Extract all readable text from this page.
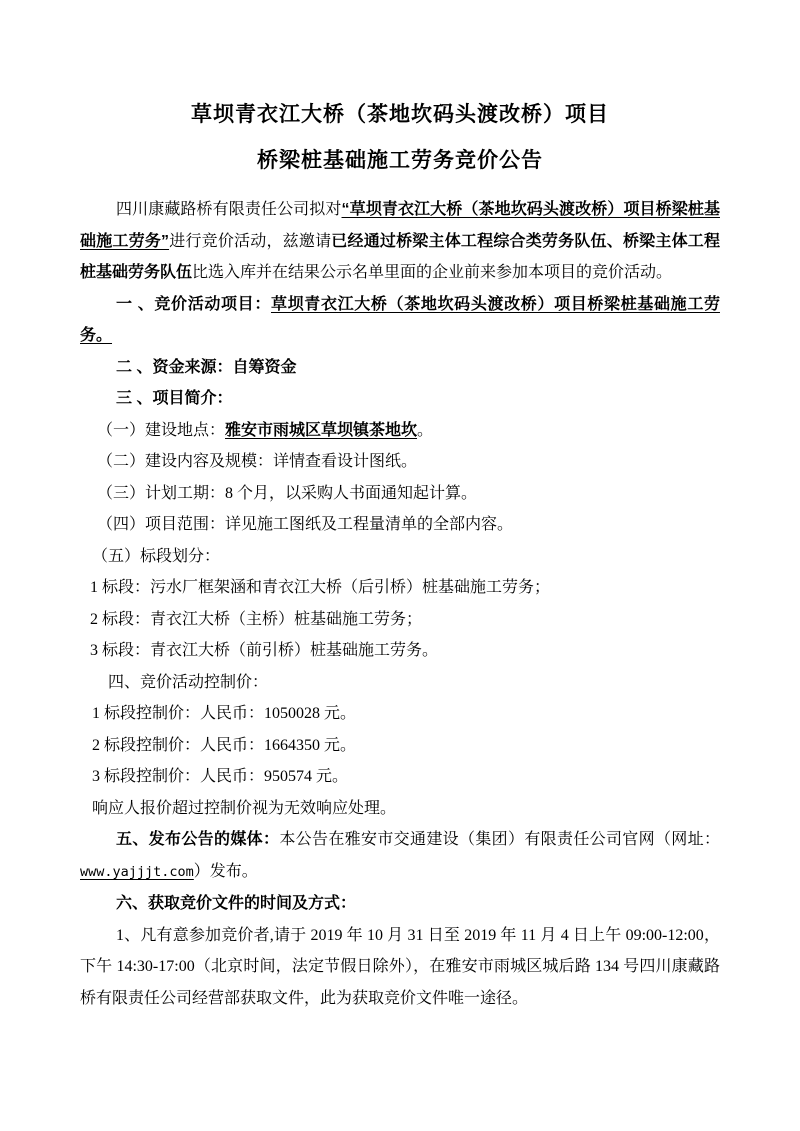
草坝青衣江大桥（茶地坎码头渡改桥）项目
桥梁桩基础施工劳务竞价公告

四川康藏路桥有限责任公司拟对“草坝青衣江大桥（茶地坎码头渡改桥）项目桥梁桩基础施工劳务”进行竞价活动，兹邀请已经通过桥梁主体工程综合类劳务队伍、桥梁主体工程桩基础劳务队伍比选入库并在结果公示名单里面的企业前来参加本项目的竞价活动。

一 、竞价活动项目：草坝青衣江大桥（茶地坎码头渡改桥）项目桥梁桩基础施工劳务。

二 、资金来源：自筹资金

三 、项目简介：

（一）建设地点：雅安市雨城区草坝镇茶地坎。

（二）建设内容及规模：详情查看设计图纸。

（三）计划工期：8 个月，以采购人书面通知起计算。

（四）项目范围：详见施工图纸及工程量清单的全部内容。

（五）标段划分：

1 标段：污水厂框架涵和青衣江大桥（后引桥）桩基础施工劳务；

2 标段：青衣江大桥（主桥）桩基础施工劳务；

3 标段：青衣江大桥（前引桥）桩基础施工劳务。

四、竞价活动控制价：

1 标段控制价：人民币：1050028 元。

2 标段控制价：人民币：1664350 元。

3 标段控制价：人民币：950574 元。

响应人报价超过控制价视为无效响应处理。

五、发布公告的媒体：本公告在雅安市交通建设（集团）有限责任公司官网（网址：www.yajjjt.com）发布。

六、获取竞价文件的时间及方式：

1、凡有意参加竞价者,请于 2019 年 10 月 31 日至 2019 年 11 月 4 日上午 09:00-12:00，下午 14:30-17:00（北京时间，法定节假日除外），在雅安市雨城区城后路 134 号四川康藏路桥有限责任公司经营部获取文件，此为获取竞价文件唯一途径。
